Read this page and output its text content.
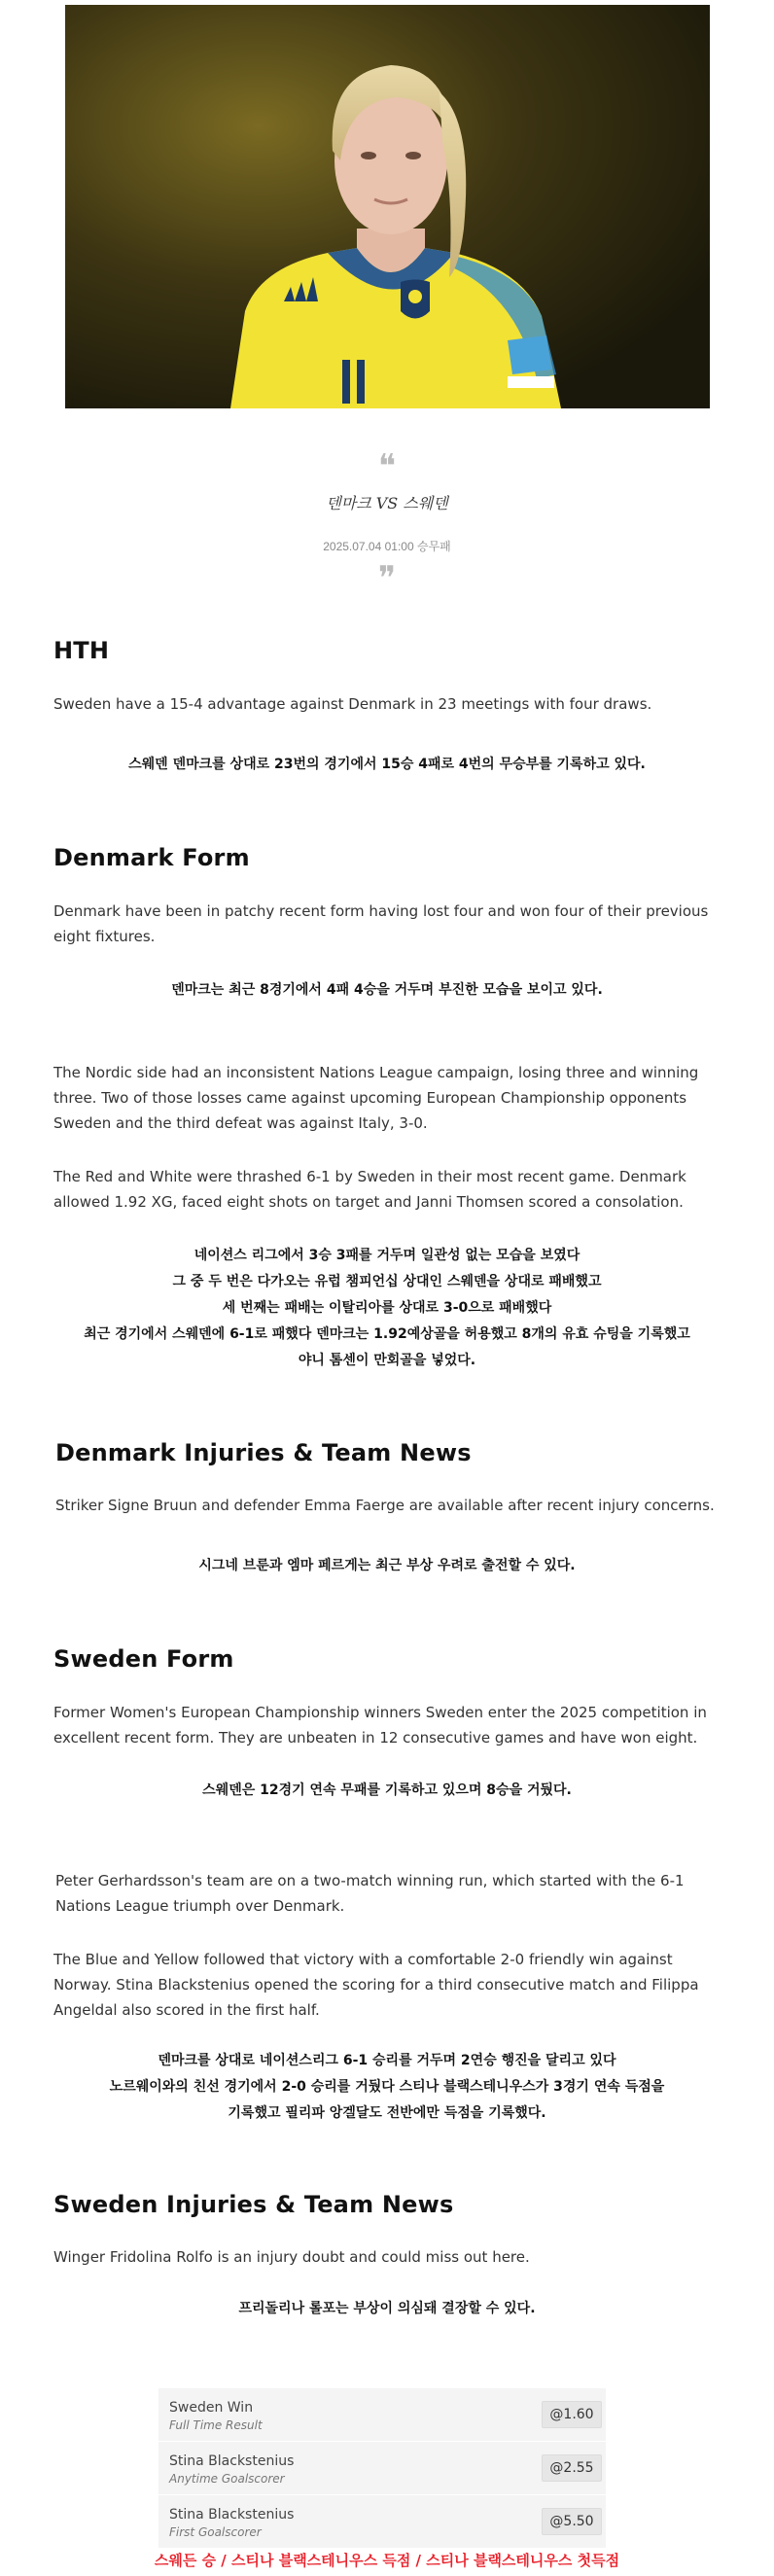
❝
덴마크 VS 스웨덴
2025.07.04 01:00 승무패
❞
HTH

Sweden have a 15-4 advantage against Denmark in 23 meetings with four draws.

스웨덴 덴마크를 상대로 23번의 경기에서 15승 4패로 4번의 무승부를 기록하고 있다.

Denmark Form

Denmark have been in patchy recent form having lost four and won four of their previous eight fixtures.

덴마크는 최근 8경기에서 4패 4승을 거두며 부진한 모습을 보이고 있다.

The Nordic side had an inconsistent Nations League campaign, losing three and winning three. Two of those losses came against upcoming European Championship opponents Sweden and the third defeat was against Italy, 3-0.

The Red and White were thrashed 6-1 by Sweden in their most recent game. Denmark allowed 1.92 XG, faced eight shots on target and Janni Thomsen scored a consolation.

네이션스 리그에서 3승 3패를 거두며 일관성 없는 모습을 보였다
그 중 두 번은 다가오는 유럽 챔피언십 상대인 스웨덴을 상대로 패배했고
세 번째는 패배는 이탈리아를 상대로 3-0으로 패배했다
최근 경기에서 스웨덴에 6-1로 패했다 덴마크는 1.92예상골을 허용했고 8개의 유효 슈팅을 기록했고
야니 톰센이 만회골을 넣었다.
Denmark Injuries & Team News

Striker Signe Bruun and defender Emma Faerge are available after recent injury concerns.

시그네 브룬과 엠마 페르게는 최근 부상 우려로 출전할 수 있다.

Sweden Form

Former Women's European Championship winners Sweden enter the 2025 competition in excellent recent form. They are unbeaten in 12 consecutive games and have won eight.

스웨덴은 12경기 연속 무패를 기록하고 있으며 8승을 거뒀다.

Peter Gerhardsson's team are on a two-match winning run, which started with the 6-1 Nations League triumph over Denmark.

The Blue and Yellow followed that victory with a comfortable 2-0 friendly win against Norway. Stina Blackstenius opened the scoring for a third consecutive match and Filippa Angeldal also scored in the first half.

덴마크를 상대로 네이션스리그 6-1 승리를 거두며 2연승 행진을 달리고 있다
노르웨이와의 친선 경기에서 2-0 승리를 거뒀다 스티나 블랙스테니우스가 3경기 연속 득점을
기록했고 필리파 앙겔달도 전반에만 득점을 기록했다.
Sweden Injuries & Team News

Winger Fridolina Rolfo is an injury doubt and could miss out here.

프리돌리나 롤포는 부상이 의심돼 결장할 수 있다.

Sweden Win
Full Time Result
@1.60
Stina Blackstenius
Anytime Goalscorer
@2.55
Stina Blackstenius
First Goalscorer
@5.50
스웨든 승 / 스티나 블랙스테니우스 득점 / 스티나 블랙스테니우스 첫득점
